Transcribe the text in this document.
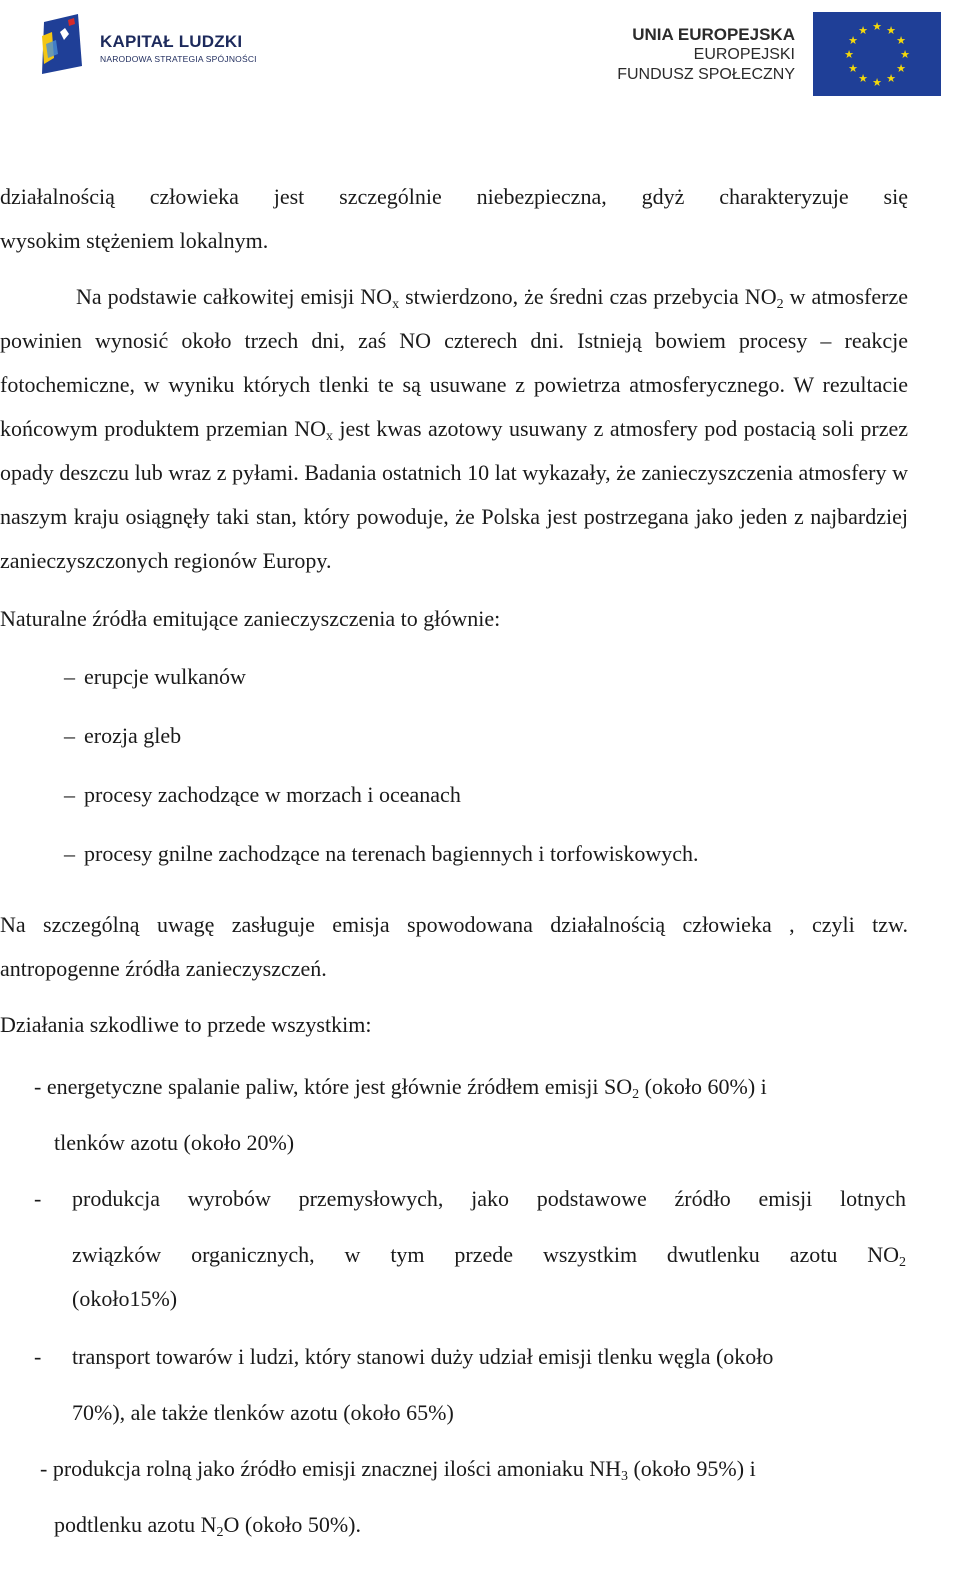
KAPITAŁ LUDZKI
NARODOWA STRATEGIA SPÓJNOŚCI
UNIA EUROPEJSKA
EUROPEJSKI
FUNDUSZ SPOŁECZNY
★ ★
★
★
★
★
★
★
★
★
★
★

działalnością człowieka jest szczególnie niebezpieczna, gdyż charakteryzuje się
wysokim stężeniem lokalnym.

Na podstawie całkowitej emisji $NO_x$ stwierdzono, że średni czas przebycia $NO_2$ w atmosferze powinien wynosić około trzech dni, zaś NO czterech dni. Istnieją bowiem procesy – reakcje fotochemiczne, w wyniku których tlenki te są usuwane z powietrza atmosferycznego. W rezultacie końcowym produktem przemian $NO_x$ jest kwas azotowy usuwany z atmosfery pod postacią soli przez opady deszczu lub wraz z pyłami. Badania ostatnich 10 lat wykazały, że zanieczyszczenia atmosfery w naszym kraju osiągnęły taki stan, który powoduje, że Polska jest postrzegana jako jeden z najbardziej zanieczyszczonych regionów Europy.

Naturalne źródła emitujące zanieczyszczenia to głównie:

– erupcje wulkanów
– erozja gleb
– procesy zachodzące w morzach i oceanach
– procesy gnilne zachodzące na terenach bagiennych i torfowiskowych.

Na szczególną uwagę zasługuje emisja spowodowana działalnością człowieka , czyli tzw. antropogenne źródła zanieczyszczeń.

Działania szkodliwe to przede wszystkim:

- energetyczne spalanie paliw, które jest głównie źródłem emisji $SO_2$ (około 60%) i
tlenków azotu (około 20%)
- produkcja wyrobów przemysłowych, jako podstawowe źródło emisji lotnych
związków organicznych, w tym przede wszystkim dwutlenku azotu $NO_2$
(około15%)
- transport towarów i ludzi, który stanowi duży udział emisji tlenku węgla (około
70%), ale także tlenków azotu (około 65%)
- produkcja rolną jako źródło emisji znacznej ilości amoniaku $NH_3$ (około 95%) i
podtlenku azotu $N_2O$ (około 50%).
